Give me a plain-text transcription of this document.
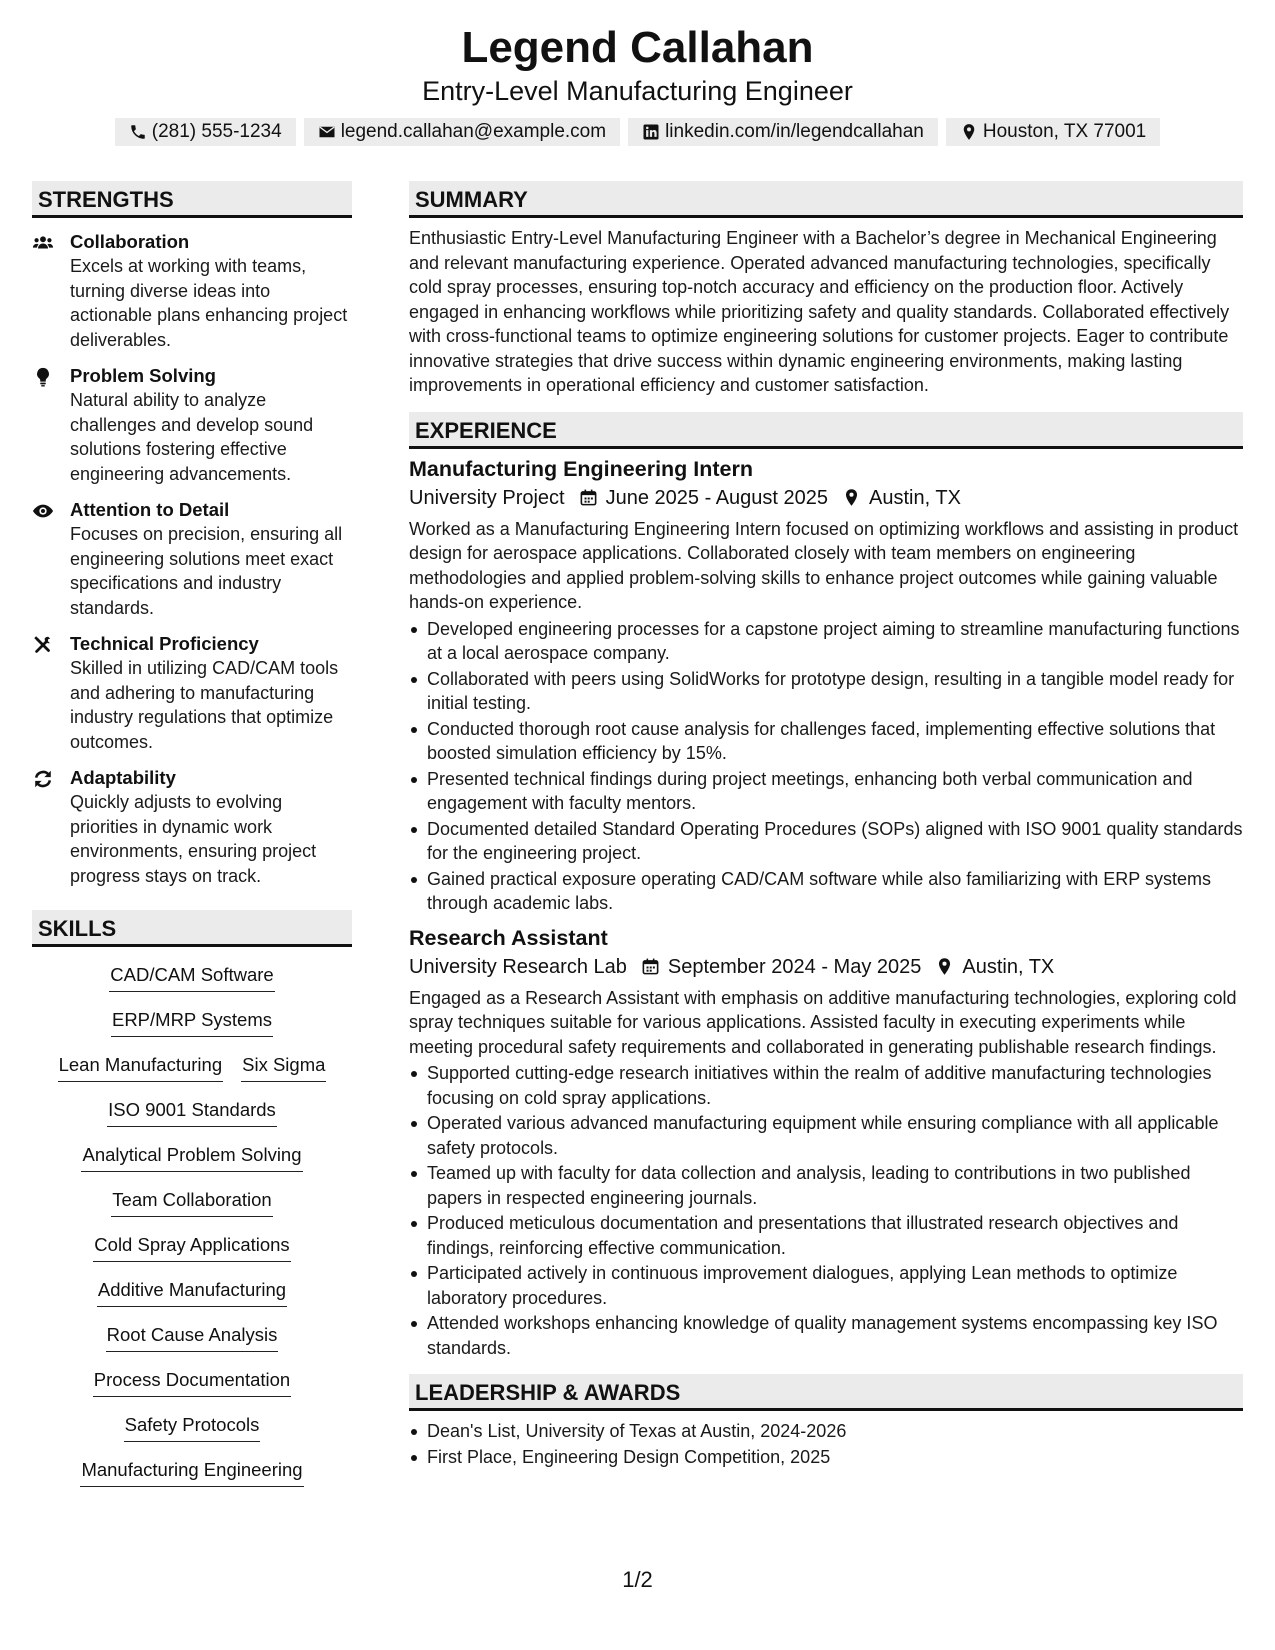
Legend Callahan
Entry-Level Manufacturing Engineer
(281) 555-1234	legend.callahan@example.com	linkedin.com/in/legendcallahan	Houston, TX 77001
STRENGTHS
Collaboration
Excels at working with teams, turning diverse ideas into actionable plans enhancing project deliverables.
Problem Solving
Natural ability to analyze challenges and develop sound solutions fostering effective engineering advancements.
Attention to Detail
Focuses on precision, ensuring all engineering solutions meet exact specifications and industry standards.
Technical Proficiency
Skilled in utilizing CAD/CAM tools and adhering to manufacturing industry regulations that optimize outcomes.
Adaptability
Quickly adjusts to evolving priorities in dynamic work environments, ensuring project progress stays on track.
SKILLS
CAD/CAM Software
ERP/MRP Systems
Lean Manufacturing Six Sigma
ISO 9001 Standards
Analytical Problem Solving
Team Collaboration
Cold Spray Applications
Additive Manufacturing
Root Cause Analysis
Process Documentation
Safety Protocols
Manufacturing Engineering
SUMMARY

Enthusiastic Entry-Level Manufacturing Engineer with a Bachelor’s degree in Mechanical Engineering and relevant manufacturing experience. Operated advanced manufacturing technologies, specifically cold spray processes, ensuring top-notch accuracy and efficiency on the production floor. Actively engaged in enhancing workflows while prioritizing safety and quality standards. Collaborated effectively with cross-functional teams to optimize engineering solutions for customer projects. Eager to contribute innovative strategies that drive success within dynamic engineering environments, making lasting improvements in operational efficiency and customer satisfaction.

EXPERIENCE
Manufacturing Engineering Intern
University Project June 2025 - August 2025 Austin, TX

Worked as a Manufacturing Engineering Intern focused on optimizing workflows and assisting in product design for aerospace applications. Collaborated closely with team members on engineering methodologies and applied problem-solving skills to enhance project outcomes while gaining valuable hands-on experience.

Developed engineering processes for a capstone project aiming to streamline manufacturing functions at a local aerospace company.
Collaborated with peers using SolidWorks for prototype design, resulting in a tangible model ready for initial testing.
Conducted thorough root cause analysis for challenges faced, implementing effective solutions that boosted simulation efficiency by 15%.
Presented technical findings during project meetings, enhancing both verbal communication and engagement with faculty mentors.
Documented detailed Standard Operating Procedures (SOPs) aligned with ISO 9001 quality standards for the engineering project.
Gained practical exposure operating CAD/CAM software while also familiarizing with ERP systems through academic labs.
Research Assistant
University Research Lab September 2024 - May 2025 Austin, TX

Engaged as a Research Assistant with emphasis on additive manufacturing technologies, exploring cold spray techniques suitable for various applications. Assisted faculty in executing experiments while meeting procedural safety requirements and collaborated in generating publishable research findings.

Supported cutting-edge research initiatives within the realm of additive manufacturing technologies focusing on cold spray applications.
Operated various advanced manufacturing equipment while ensuring compliance with all applicable safety protocols.
Teamed up with faculty for data collection and analysis, leading to contributions in two published papers in respected engineering journals.
Produced meticulous documentation and presentations that illustrated research objectives and findings, reinforcing effective communication.
Participated actively in continuous improvement dialogues, applying Lean methods to optimize laboratory procedures.
Attended workshops enhancing knowledge of quality management systems encompassing key ISO standards.
LEADERSHIP & AWARDS
Dean's List, University of Texas at Austin, 2024-2026
First Place, Engineering Design Competition, 2025
1/2
